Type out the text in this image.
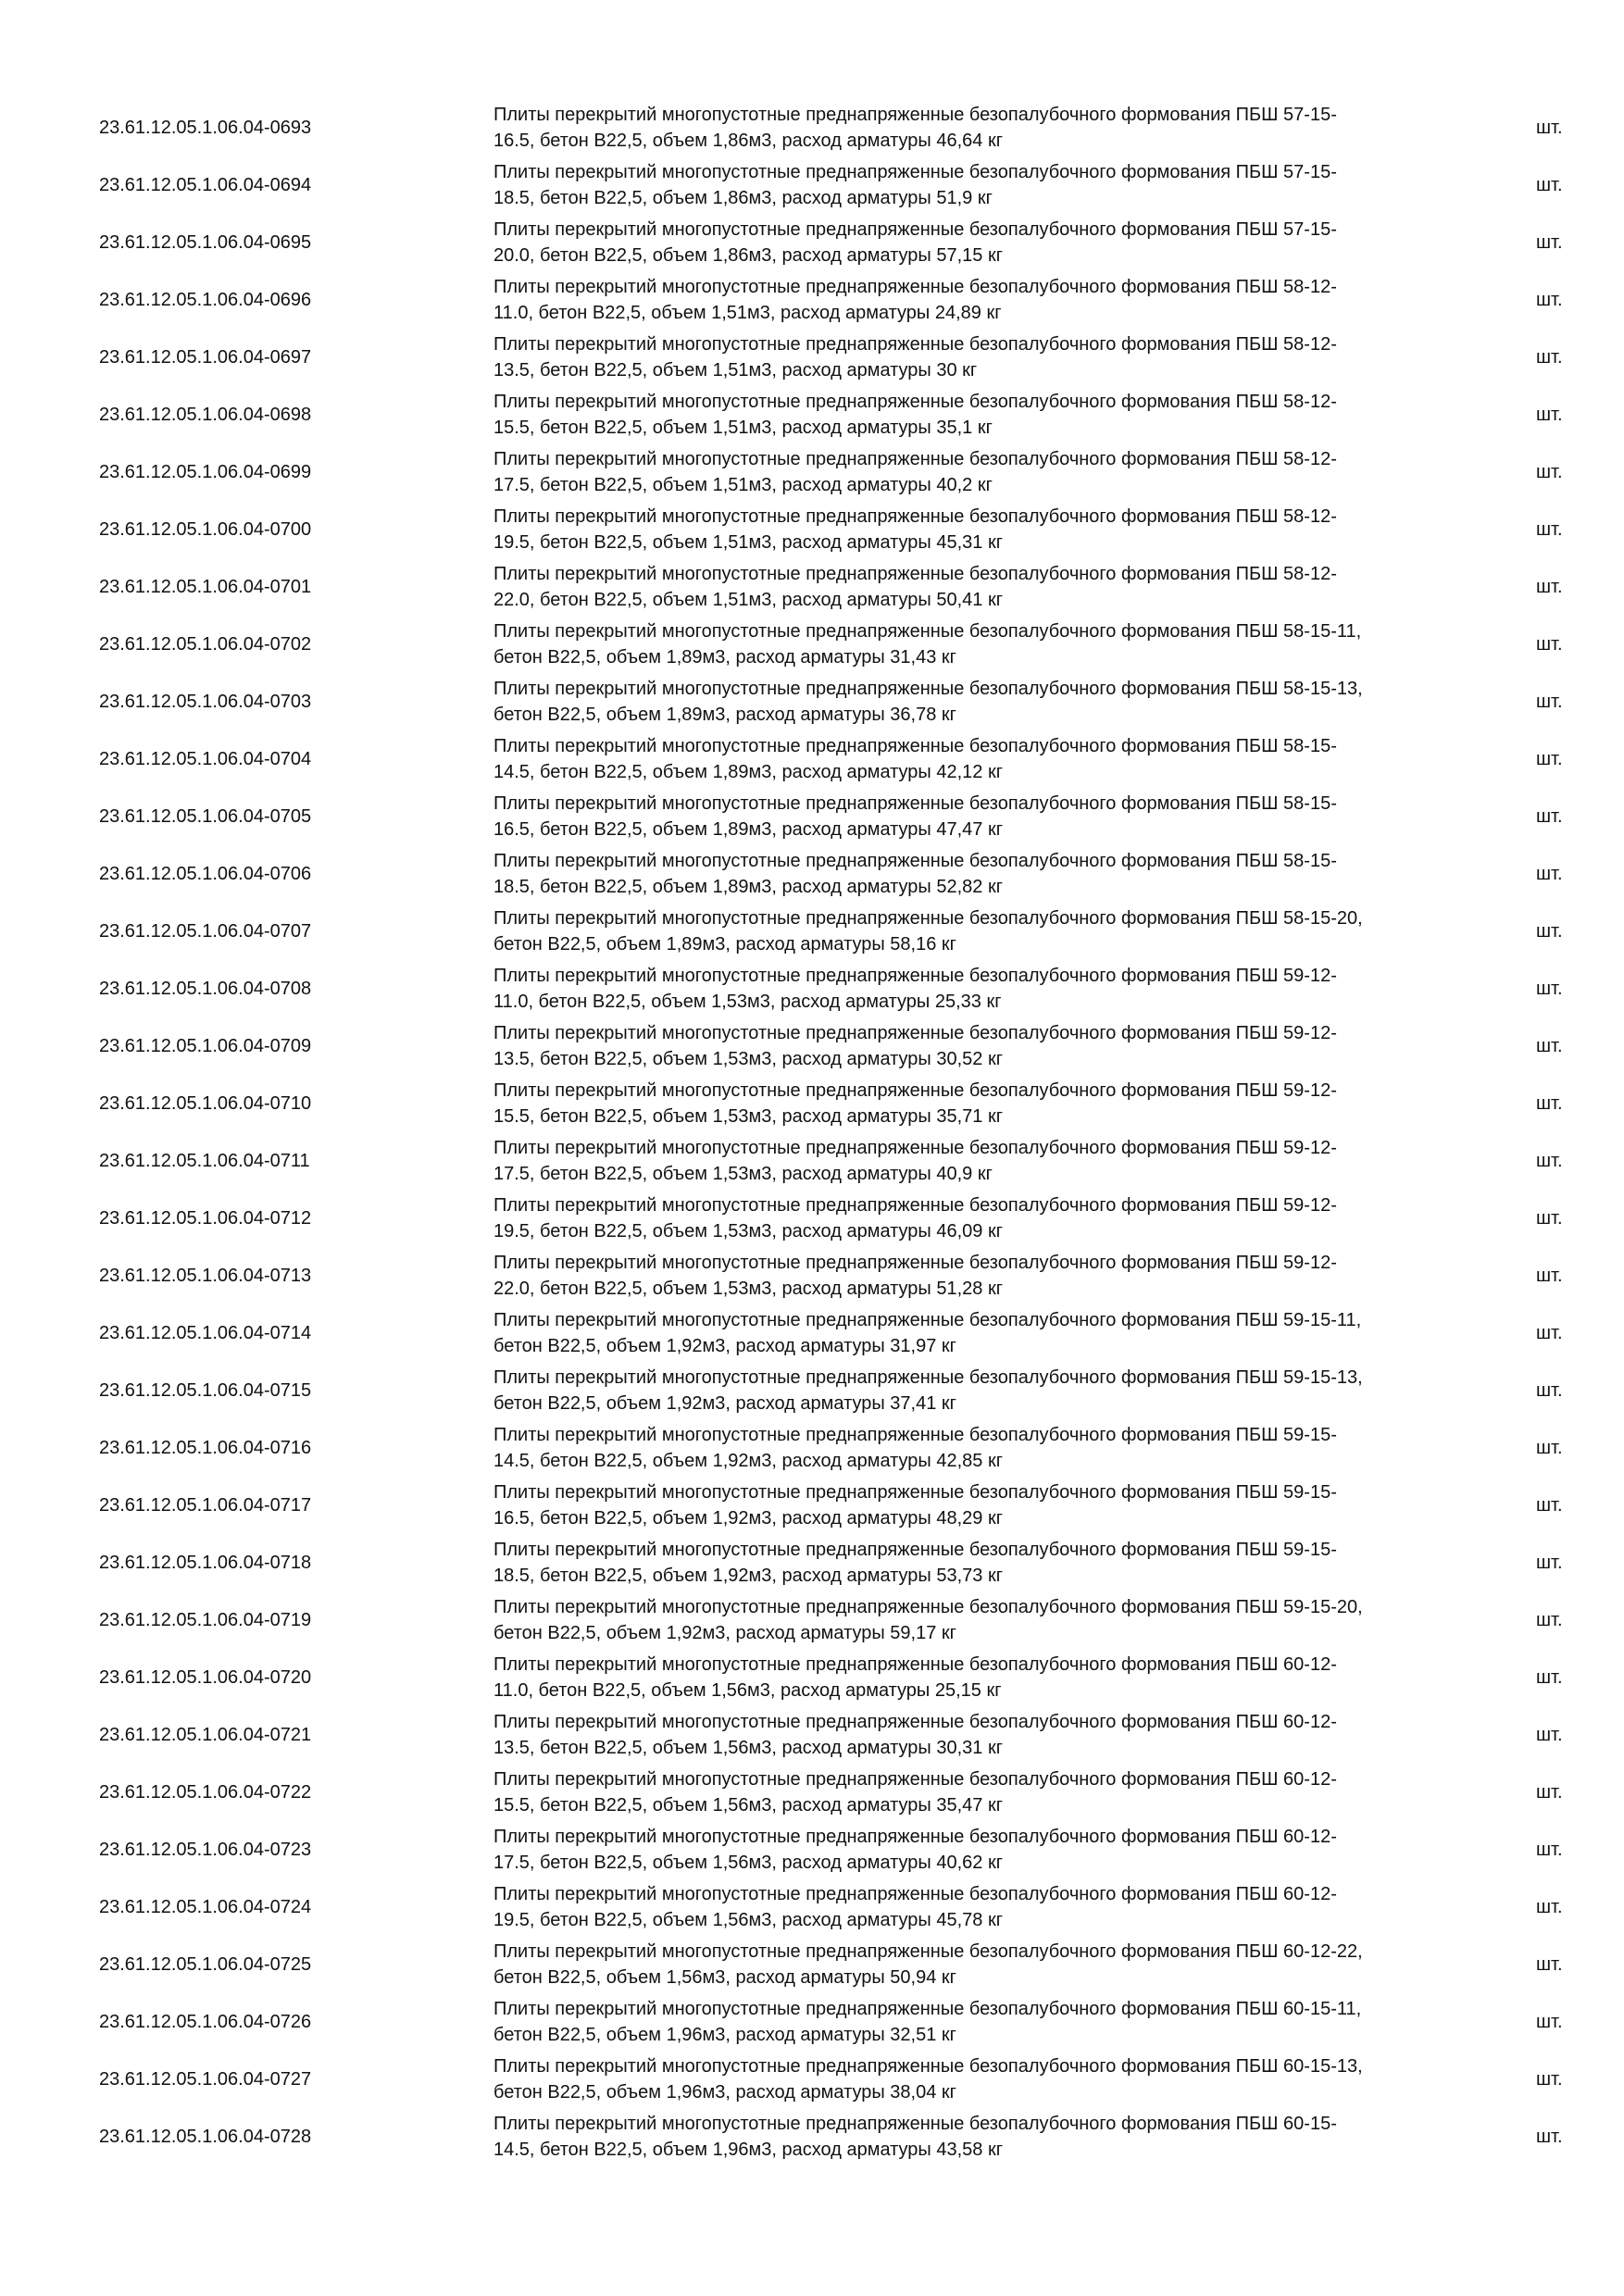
23.61.12.05.1.06.04-0693
Плиты перекрытий многопустотные преднапряженные безопалубочного формования ПБШ 57-15-
16.5, бетон В22,5, объем 1,86м3, расход арматуры 46,64 кг
шт.
23.61.12.05.1.06.04-0694
Плиты перекрытий многопустотные преднапряженные безопалубочного формования ПБШ 57-15-
18.5, бетон В22,5, объем 1,86м3, расход арматуры 51,9 кг
шт.
23.61.12.05.1.06.04-0695
Плиты перекрытий многопустотные преднапряженные безопалубочного формования ПБШ 57-15-
20.0, бетон В22,5, объем 1,86м3, расход арматуры 57,15 кг
шт.
23.61.12.05.1.06.04-0696
Плиты перекрытий многопустотные преднапряженные безопалубочного формования ПБШ 58-12-
11.0, бетон В22,5, объем 1,51м3, расход арматуры 24,89 кг
шт.
23.61.12.05.1.06.04-0697
Плиты перекрытий многопустотные преднапряженные безопалубочного формования ПБШ 58-12-
13.5, бетон В22,5, объем 1,51м3, расход арматуры 30 кг
шт.
23.61.12.05.1.06.04-0698
Плиты перекрытий многопустотные преднапряженные безопалубочного формования ПБШ 58-12-
15.5, бетон В22,5, объем 1,51м3, расход арматуры 35,1 кг
шт.
23.61.12.05.1.06.04-0699
Плиты перекрытий многопустотные преднапряженные безопалубочного формования ПБШ 58-12-
17.5, бетон В22,5, объем 1,51м3, расход арматуры 40,2 кг
шт.
23.61.12.05.1.06.04-0700
Плиты перекрытий многопустотные преднапряженные безопалубочного формования ПБШ 58-12-
19.5, бетон В22,5, объем 1,51м3, расход арматуры 45,31 кг
шт.
23.61.12.05.1.06.04-0701
Плиты перекрытий многопустотные преднапряженные безопалубочного формования ПБШ 58-12-
22.0, бетон В22,5, объем 1,51м3, расход арматуры 50,41 кг
шт.
23.61.12.05.1.06.04-0702
Плиты перекрытий многопустотные преднапряженные безопалубочного формования ПБШ 58-15-11,
бетон В22,5, объем 1,89м3, расход арматуры 31,43 кг
шт.
23.61.12.05.1.06.04-0703
Плиты перекрытий многопустотные преднапряженные безопалубочного формования ПБШ 58-15-13,
бетон В22,5, объем 1,89м3, расход арматуры 36,78 кг
шт.
23.61.12.05.1.06.04-0704
Плиты перекрытий многопустотные преднапряженные безопалубочного формования ПБШ 58-15-
14.5, бетон В22,5, объем 1,89м3, расход арматуры 42,12 кг
шт.
23.61.12.05.1.06.04-0705
Плиты перекрытий многопустотные преднапряженные безопалубочного формования ПБШ 58-15-
16.5, бетон В22,5, объем 1,89м3, расход арматуры 47,47 кг
шт.
23.61.12.05.1.06.04-0706
Плиты перекрытий многопустотные преднапряженные безопалубочного формования ПБШ 58-15-
18.5, бетон В22,5, объем 1,89м3, расход арматуры 52,82 кг
шт.
23.61.12.05.1.06.04-0707
Плиты перекрытий многопустотные преднапряженные безопалубочного формования ПБШ 58-15-20,
бетон В22,5, объем 1,89м3, расход арматуры 58,16 кг
шт.
23.61.12.05.1.06.04-0708
Плиты перекрытий многопустотные преднапряженные безопалубочного формования ПБШ 59-12-
11.0, бетон В22,5, объем 1,53м3, расход арматуры 25,33 кг
шт.
23.61.12.05.1.06.04-0709
Плиты перекрытий многопустотные преднапряженные безопалубочного формования ПБШ 59-12-
13.5, бетон В22,5, объем 1,53м3, расход арматуры 30,52 кг
шт.
23.61.12.05.1.06.04-0710
Плиты перекрытий многопустотные преднапряженные безопалубочного формования ПБШ 59-12-
15.5, бетон В22,5, объем 1,53м3, расход арматуры 35,71 кг
шт.
23.61.12.05.1.06.04-0711
Плиты перекрытий многопустотные преднапряженные безопалубочного формования ПБШ 59-12-
17.5, бетон В22,5, объем 1,53м3, расход арматуры 40,9 кг
шт.
23.61.12.05.1.06.04-0712
Плиты перекрытий многопустотные преднапряженные безопалубочного формования ПБШ 59-12-
19.5, бетон В22,5, объем 1,53м3, расход арматуры 46,09 кг
шт.
23.61.12.05.1.06.04-0713
Плиты перекрытий многопустотные преднапряженные безопалубочного формования ПБШ 59-12-
22.0, бетон В22,5, объем 1,53м3, расход арматуры 51,28 кг
шт.
23.61.12.05.1.06.04-0714
Плиты перекрытий многопустотные преднапряженные безопалубочного формования ПБШ 59-15-11,
бетон В22,5, объем 1,92м3, расход арматуры 31,97 кг
шт.
23.61.12.05.1.06.04-0715
Плиты перекрытий многопустотные преднапряженные безопалубочного формования ПБШ 59-15-13,
бетон В22,5, объем 1,92м3, расход арматуры 37,41 кг
шт.
23.61.12.05.1.06.04-0716
Плиты перекрытий многопустотные преднапряженные безопалубочного формования ПБШ 59-15-
14.5, бетон В22,5, объем 1,92м3, расход арматуры 42,85 кг
шт.
23.61.12.05.1.06.04-0717
Плиты перекрытий многопустотные преднапряженные безопалубочного формования ПБШ 59-15-
16.5, бетон В22,5, объем 1,92м3, расход арматуры 48,29 кг
шт.
23.61.12.05.1.06.04-0718
Плиты перекрытий многопустотные преднапряженные безопалубочного формования ПБШ 59-15-
18.5, бетон В22,5, объем 1,92м3, расход арматуры 53,73 кг
шт.
23.61.12.05.1.06.04-0719
Плиты перекрытий многопустотные преднапряженные безопалубочного формования ПБШ 59-15-20,
бетон В22,5, объем 1,92м3, расход арматуры 59,17 кг
шт.
23.61.12.05.1.06.04-0720
Плиты перекрытий многопустотные преднапряженные безопалубочного формования ПБШ 60-12-
11.0, бетон В22,5, объем 1,56м3, расход арматуры 25,15 кг
шт.
23.61.12.05.1.06.04-0721
Плиты перекрытий многопустотные преднапряженные безопалубочного формования ПБШ 60-12-
13.5, бетон В22,5, объем 1,56м3, расход арматуры 30,31 кг
шт.
23.61.12.05.1.06.04-0722
Плиты перекрытий многопустотные преднапряженные безопалубочного формования ПБШ 60-12-
15.5, бетон В22,5, объем 1,56м3, расход арматуры 35,47 кг
шт.
23.61.12.05.1.06.04-0723
Плиты перекрытий многопустотные преднапряженные безопалубочного формования ПБШ 60-12-
17.5, бетон В22,5, объем 1,56м3, расход арматуры 40,62 кг
шт.
23.61.12.05.1.06.04-0724
Плиты перекрытий многопустотные преднапряженные безопалубочного формования ПБШ 60-12-
19.5, бетон В22,5, объем 1,56м3, расход арматуры 45,78 кг
шт.
23.61.12.05.1.06.04-0725
Плиты перекрытий многопустотные преднапряженные безопалубочного формования ПБШ 60-12-22,
бетон В22,5, объем 1,56м3, расход арматуры 50,94 кг
шт.
23.61.12.05.1.06.04-0726
Плиты перекрытий многопустотные преднапряженные безопалубочного формования ПБШ 60-15-11,
бетон В22,5, объем 1,96м3, расход арматуры 32,51 кг
шт.
23.61.12.05.1.06.04-0727
Плиты перекрытий многопустотные преднапряженные безопалубочного формования ПБШ 60-15-13,
бетон В22,5, объем 1,96м3, расход арматуры 38,04 кг
шт.
23.61.12.05.1.06.04-0728
Плиты перекрытий многопустотные преднапряженные безопалубочного формования ПБШ 60-15-
14.5, бетон В22,5, объем 1,96м3, расход арматуры 43,58 кг
шт.
